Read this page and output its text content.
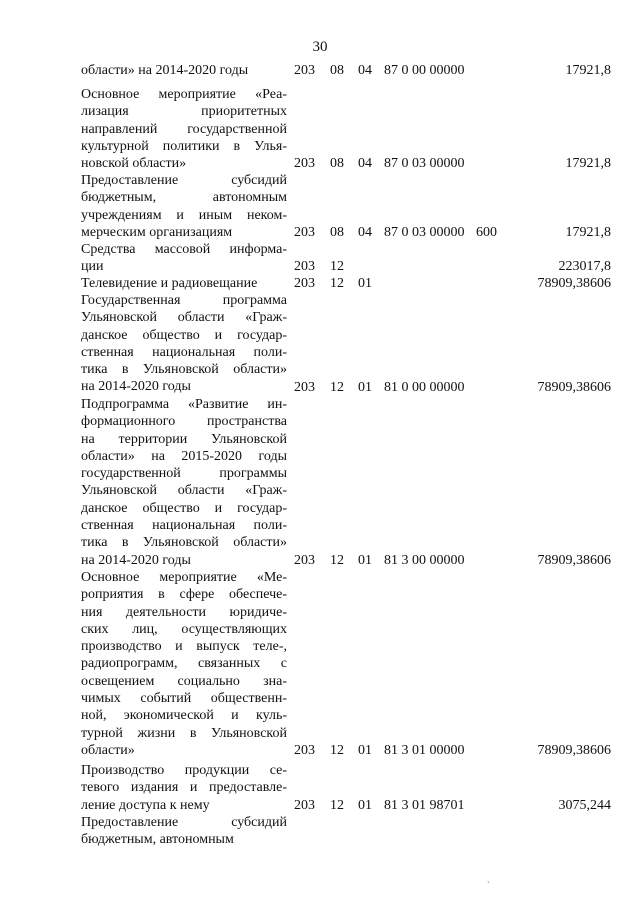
30
области» на 2014-2020 годы	203 08 04 87 0 00 00000	17921,8
Основное мероприятие «Реа-
лизация приоритетных
направлений государственной
культурной политики в Улья-
новской области»	203 08 04 87 0 03 00000	17921,8
Предоставление субсидий
бюджетным, автономным
учреждениям и иным неком-
мерческим организациям	203 08 04 87 0 03 00000 600	17921,8
Средства массовой информа-
ции	203 12	223017,8
Телевидение и радиовещание	203 12 01	78909,38606
Государственная программа
Ульяновской области «Граж-
данское общество и государ-
ственная национальная поли-
тика в Ульяновской области»
на 2014-2020 годы	203 12 01 81 0 00 00000	78909,38606
Подпрограмма «Развитие ин-
формационного пространства
на территории Ульяновской
области» на 2015-2020 годы
государственной программы
Ульяновской области «Граж-
данское общество и государ-
ственная национальная поли-
тика в Ульяновской области»
на 2014-2020 годы	203 12 01 81 3 00 00000	78909,38606
Основное мероприятие «Ме-
роприятия в сфере обеспече-
ния деятельности юридиче-
ских лиц, осуществляющих
производство и выпуск теле-,
радиопрограмм, связанных с
освещением социально зна-
чимых событий общественн-
ной, экономической и куль-
турной жизни в Ульяновской
области»	203 12 01 81 3 01 00000	78909,38606
Производство продукции се-
тевого издания и предоставле-
ление доступа к нему	203 12 01 81 3 01 98701	3075,244
Предоставление субсидий
бюджетным, автономным
`
